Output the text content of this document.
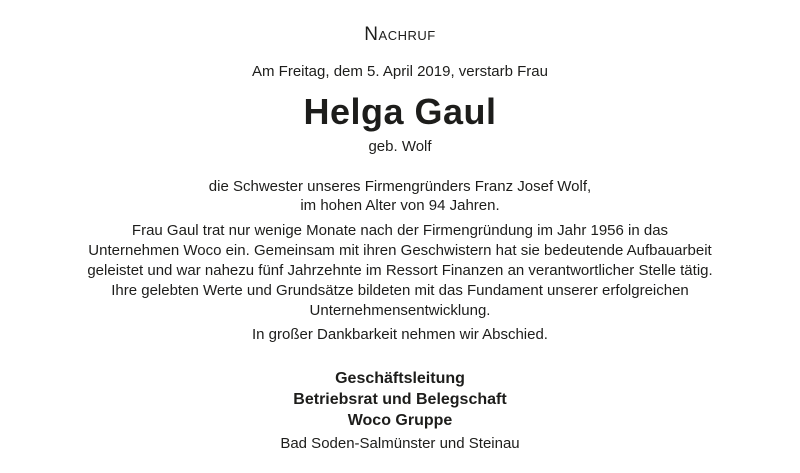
Nachruf
Am Freitag, dem 5. April 2019, verstarb Frau
Helga Gaul
geb. Wolf
die Schwester unseres Firmengründers Franz Josef Wolf,
im hohen Alter von 94 Jahren.
Frau Gaul trat nur wenige Monate nach der Firmengründung im Jahr 1956 in das
Unternehmen Woco ein. Gemeinsam mit ihren Geschwistern hat sie bedeutende Aufbauarbeit
geleistet und war nahezu fünf Jahrzehnte im Ressort Finanzen an verantwortlicher Stelle tätig.
Ihre gelebten Werte und Grundsätze bildeten mit das Fundament unserer erfolgreichen
Unternehmensentwicklung.
In großer Dankbarkeit nehmen wir Abschied.
Geschäftsleitung
Betriebsrat und Belegschaft
Woco Gruppe
Bad Soden-Salmünster und Steinau
